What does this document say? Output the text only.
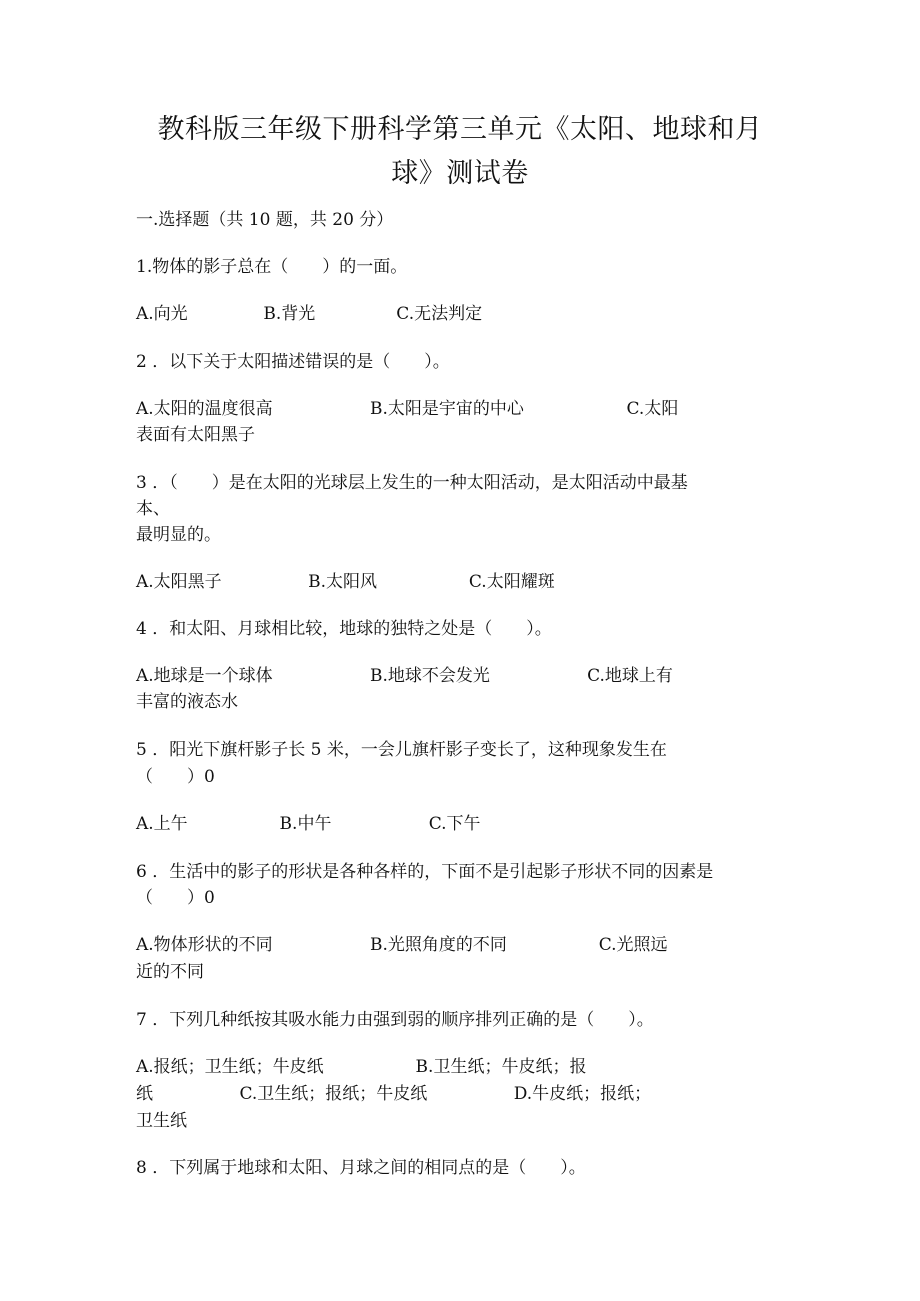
教科版三年级下册科学第三单元《太阳、地球和月
球》测试卷
一.选择题（共 10 题，共 20 分）
1.物体的影子总在（　　）的一面。
A.向光              B.背光               C.无法判定
2 ．以下关于太阳描述错误的是（　　）。
A.太阳的温度很高                  B.太阳是宇宙的中心                   C.太阳
表面有太阳黑子
3 ．（　　）是在太阳的光球层上发生的一种太阳活动，是太阳活动中最基
本、
最明显的。
A.太阳黑子                B.太阳风                 C.太阳耀斑
4 ．和太阳、月球相比较，地球的独特之处是（　　）。
A.地球是一个球体                  B.地球不会发光                  C.地球上有
丰富的液态水
5 ．阳光下旗杆影子长 5 米，一会儿旗杆影子变长了，这种现象发生在
（　　）0
A.上午                 B.中午                  C.下午
6 ．生活中的影子的形状是各种各样的，下面不是引起影子形状不同的因素是
（　　）0
A.物体形状的不同                  B.光照角度的不同                 C.光照远
近的不同
7 ．下列几种纸按其吸水能力由强到弱的顺序排列正确的是（　　）。
A.报纸；卫生纸；牛皮纸                 B.卫生纸；牛皮纸；报
纸                C.卫生纸；报纸；牛皮纸                D.牛皮纸；报纸；
卫生纸
8 ．下列属于地球和太阳、月球之间的相同点的是（　　）。
